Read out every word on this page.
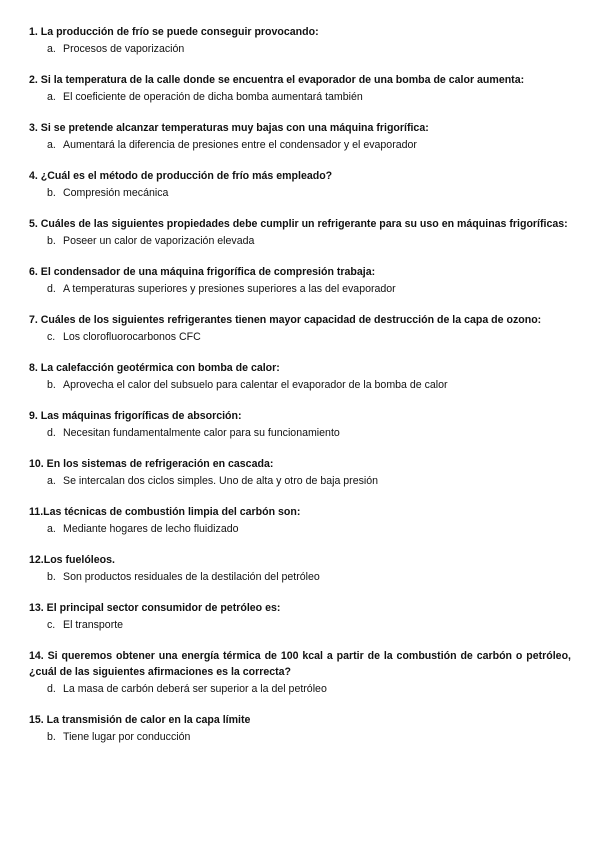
1. La producción de frío se puede conseguir provocando:

a. Procesos de vaporización

2. Si la temperatura de la calle donde se encuentra el evaporador de una bomba de calor aumenta:

a. El coeficiente de operación de dicha bomba aumentará también

3. Si se pretende alcanzar temperaturas muy bajas con una máquina frigorífica:

a. Aumentará la diferencia de presiones entre el condensador y el evaporador

4. ¿Cuál es el método de producción de frío más empleado?

b. Compresión mecánica

5. Cuáles de las siguientes propiedades debe cumplir un refrigerante para su uso en máquinas frigoríficas:

b. Poseer un calor de vaporización elevada

6. El condensador de una máquina frigorífica de compresión trabaja:

d. A temperaturas superiores y presiones superiores a las del evaporador

7. Cuáles de los siguientes refrigerantes tienen mayor capacidad de destrucción de la capa de ozono:

c. Los clorofluorocarbonos CFC

8. La calefacción geotérmica con bomba de calor:

b. Aprovecha el calor del subsuelo para calentar el evaporador de la bomba de calor

9. Las máquinas frigoríficas de absorción:

d. Necesitan fundamentalmente calor para su funcionamiento

10. En los sistemas de refrigeración en cascada:

a. Se intercalan dos ciclos simples. Uno de alta y otro de baja presión

11.Las técnicas de combustión limpia del carbón son:

a. Mediante hogares de lecho fluidizado

12.Los fuelóleos.

b. Son productos residuales de la destilación del petróleo

13. El principal sector consumidor de petróleo es:

c. El transporte

14. Si queremos obtener una energía térmica de 100 kcal a partir de la combustión de carbón o petróleo, ¿cuál de las siguientes afirmaciones es la correcta?

d. La masa de carbón deberá ser superior a la del petróleo

15. La transmisión de calor en la capa límite

b. Tiene lugar por conducción
